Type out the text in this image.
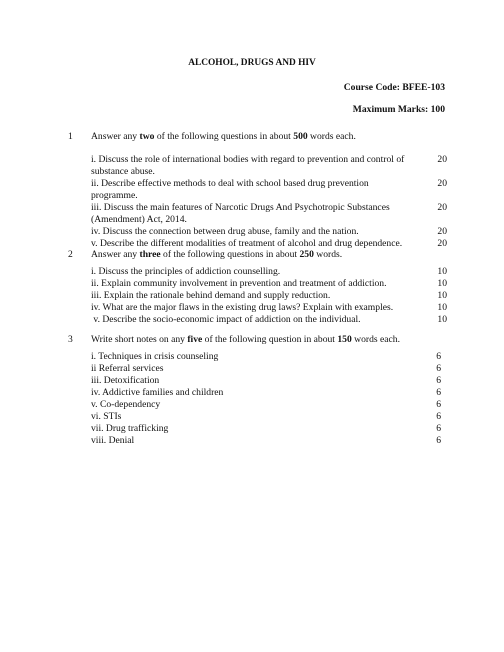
ALCOHOL, DRUGS AND HIV
Course Code: BFEE-103
Maximum Marks: 100
1 Answer any two of the following questions in about 500 words each.
i. Discuss the role of international bodies with regard to prevention and control of substance abuse.
20
ii. Describe effective methods to deal with school based drug prevention programme.
20
iii. Discuss the main features of Narcotic Drugs And Psychotropic Substances (Amendment) Act, 2014.
20
iv. Discuss the connection between drug abuse, family and the nation.	20
v. Describe the different modalities of treatment of alcohol and drug dependence.	20
2 Answer any three of the following questions in about 250 words.
i. Discuss the principles of addiction counselling.	10
ii. Explain community involvement in prevention and treatment of addiction.	10
iii. Explain the rationale behind demand and supply reduction.	10
iv. What are the major flaws in the existing drug laws? Explain with examples.	10
v. Describe the socio-economic impact of addiction on the individual.	10
3 Write short notes on any five of the following question in about 150 words each.
i. Techniques in crisis counseling	6
ii Referral services	6
iii. Detoxification	6
iv. Addictive families and children	6
v. Co-dependency	6
vi. STIs	6
vii. Drug trafficking	6
viii. Denial	6
